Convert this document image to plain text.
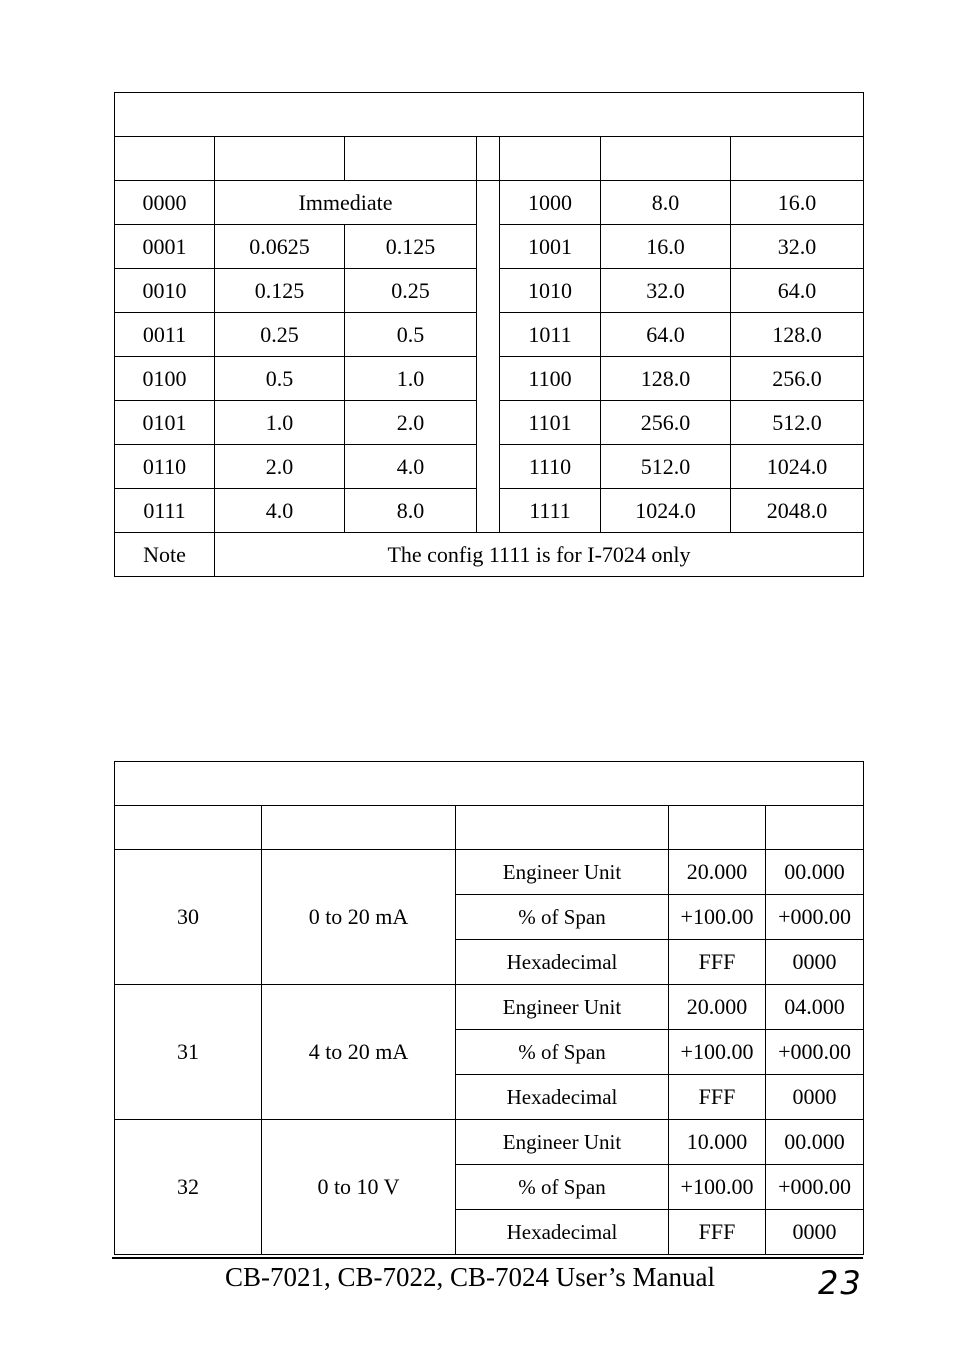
0000	Immediate			1000	8.0	16.0
0001	0.0625	0.125		1001	16.0	32.0
0010	0.125	0.25		1010	32.0	64.0
0011	0.25	0.5		1011	64.0	128.0
0100	0.5	1.0		1100	128.0	256.0
0101	1.0	2.0		1101	256.0	512.0
0110	2.0	4.0		1110	512.0	1024.0
0111	4.0	8.0		1111	1024.0	2048.0
Note	The config 1111 is for I-7024 only					

30	0 to 20 mA	Engineer Unit	20.000	00.000
		% of Span	+100.00	+000.00
		Hexadecimal	FFF	0000
31	4 to 20 mA	Engineer Unit	20.000	04.000
		% of Span	+100.00	+000.00
		Hexadecimal	FFF	0000
32	0 to 10 V	Engineer Unit	10.000	00.000
		% of Span	+100.00	+000.00
		Hexadecimal	FFF	0000
CB-7021, CB-7022, CB-7024 User’s Manual	23
